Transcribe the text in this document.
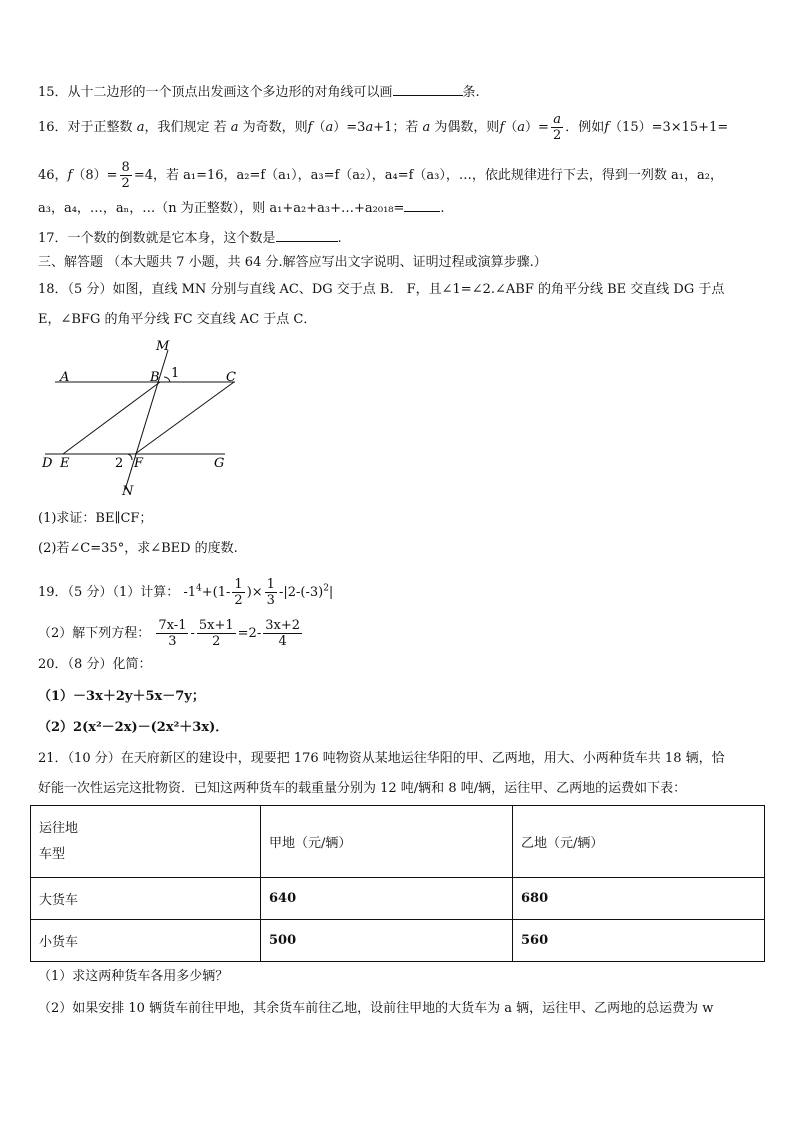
15．从十二边形的一个顶点出发画这个多边形的对角线可以画	条.
16．对于正整数 a，我们规定 若 a 为奇数，则f（a）=3a+1；若 a 为偶数，则$f(a)= \frac{a}{2}$ ．例如f（15）=3×15+1=
46，$f(8)= \frac{8}{2} =4$，若 a₁=16，a₂=f（a₁），a₃=f（a₂），a₄=f（a₃），…，依此规律进行下去，得到一列数 a₁，a₂，
a₃，a₄，…，aₙ，…（n 为正整数），则 a₁+a₂+a₃+…+a₂₀₁₈=	.
17．一个数的倒数就是它本身，这个数是	.
三、解答题 （本大题共 7 小题，共 64 分.解答应写出文字说明、证明过程或演算步骤.）
18．（5 分）如图，直线 MN 分别与直线 AC、DG 交于点 B． F，且∠1=∠2.∠ABF 的角平分线 BE 交直线 DG 于点
E，∠BFG 的角平分线 FC 交直线 AC 于点 C．
M
A	B 1	C
D E	2 F	G
N
(1)求证：BE∥CF；
(2)若∠C=35°，求∠BED 的度数.
19．（5 分）（1）计算： $-1^4+(1- \frac{1}{2}$ )× $\frac{1}{3} -|2-(-3)^2|$
（2）解下列方程： $\frac{7x-1}{3} - \frac{5x+1}{2} =2- \frac{3x+2}{4}$
20．（8 分）化简：
（1）－3x＋2y＋5x－7y；
（2）2(x²－2x)－(2x²＋3x)．
21．（10 分）在天府新区的建设中，现要把 176 吨物资从某地运往华阳的甲、乙两地，用大、小两种货车共 18 辆，恰
好能一次性运完这批物资．已知这两种货车的载重量分别为 12 吨/辆和 8 吨/辆，运往甲、乙两地的运费如下表：
运往地
车型	甲地（元/辆）	乙地（元/辆）
大货车	640	680
小货车	500	560
（1）求这两种货车各用多少辆？
（2）如果安排 10 辆货车前往甲地，其余货车前往乙地，设前往甲地的大货车为 a 辆，运往甲、乙两地的总运费为 w
